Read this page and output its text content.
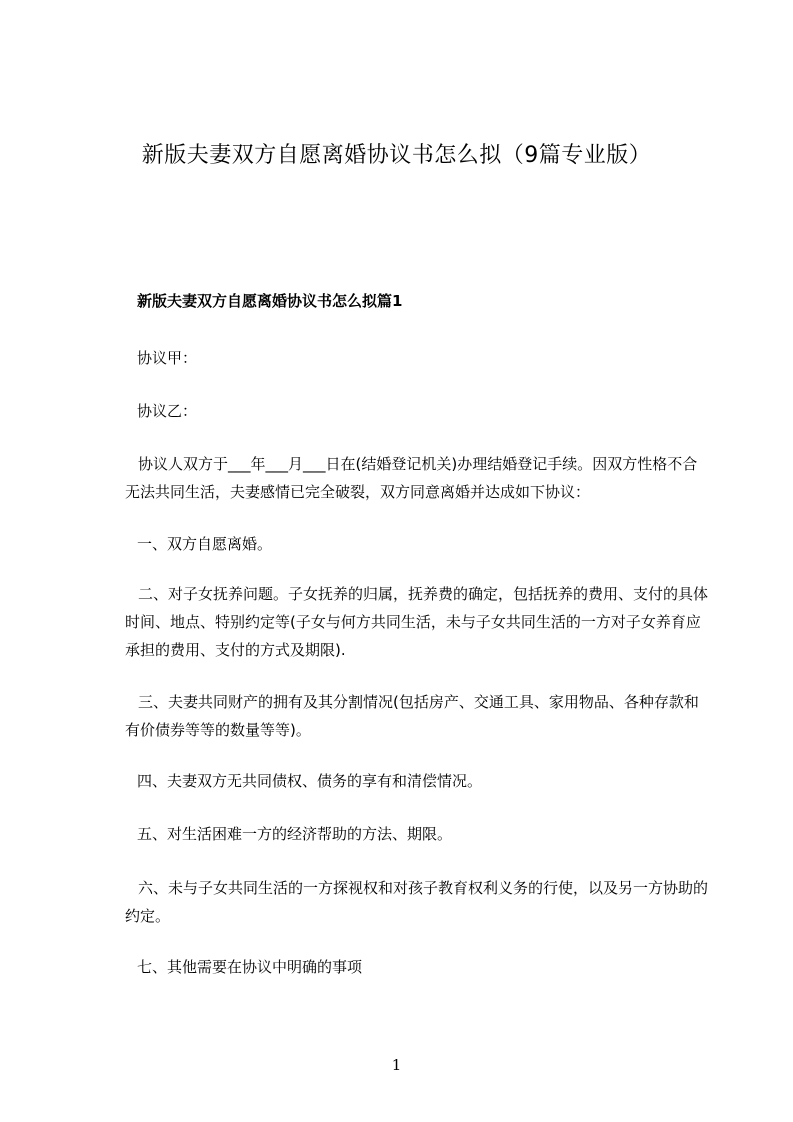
新版夫妻双方自愿离婚协议书怎么拟（9篇专业版）
新版夫妻双方自愿离婚协议书怎么拟篇1

协议甲：

协议乙：

协议人双方于___年___月___日在(结婚登记机关)办理结婚登记手续。因双方性格不合无法共同生活，夫妻感情已完全破裂，双方同意离婚并达成如下协议：

一、双方自愿离婚。

二、对子女抚养问题。子女抚养的归属，抚养费的确定，包括抚养的费用、支付的具体时间、地点、特别约定等(子女与何方共同生活，未与子女共同生活的一方对子女养育应承担的费用、支付的方式及期限).

三、夫妻共同财产的拥有及其分割情况(包括房产、交通工具、家用物品、各种存款和有价债券等等的数量等等)。

四、夫妻双方无共同债权、债务的享有和清偿情况。

五、对生活困难一方的经济帮助的方法、期限。

六、未与子女共同生活的一方探视权和对孩子教育权利义务的行使，以及另一方协助的约定。

七、其他需要在协议中明确的事项

1
